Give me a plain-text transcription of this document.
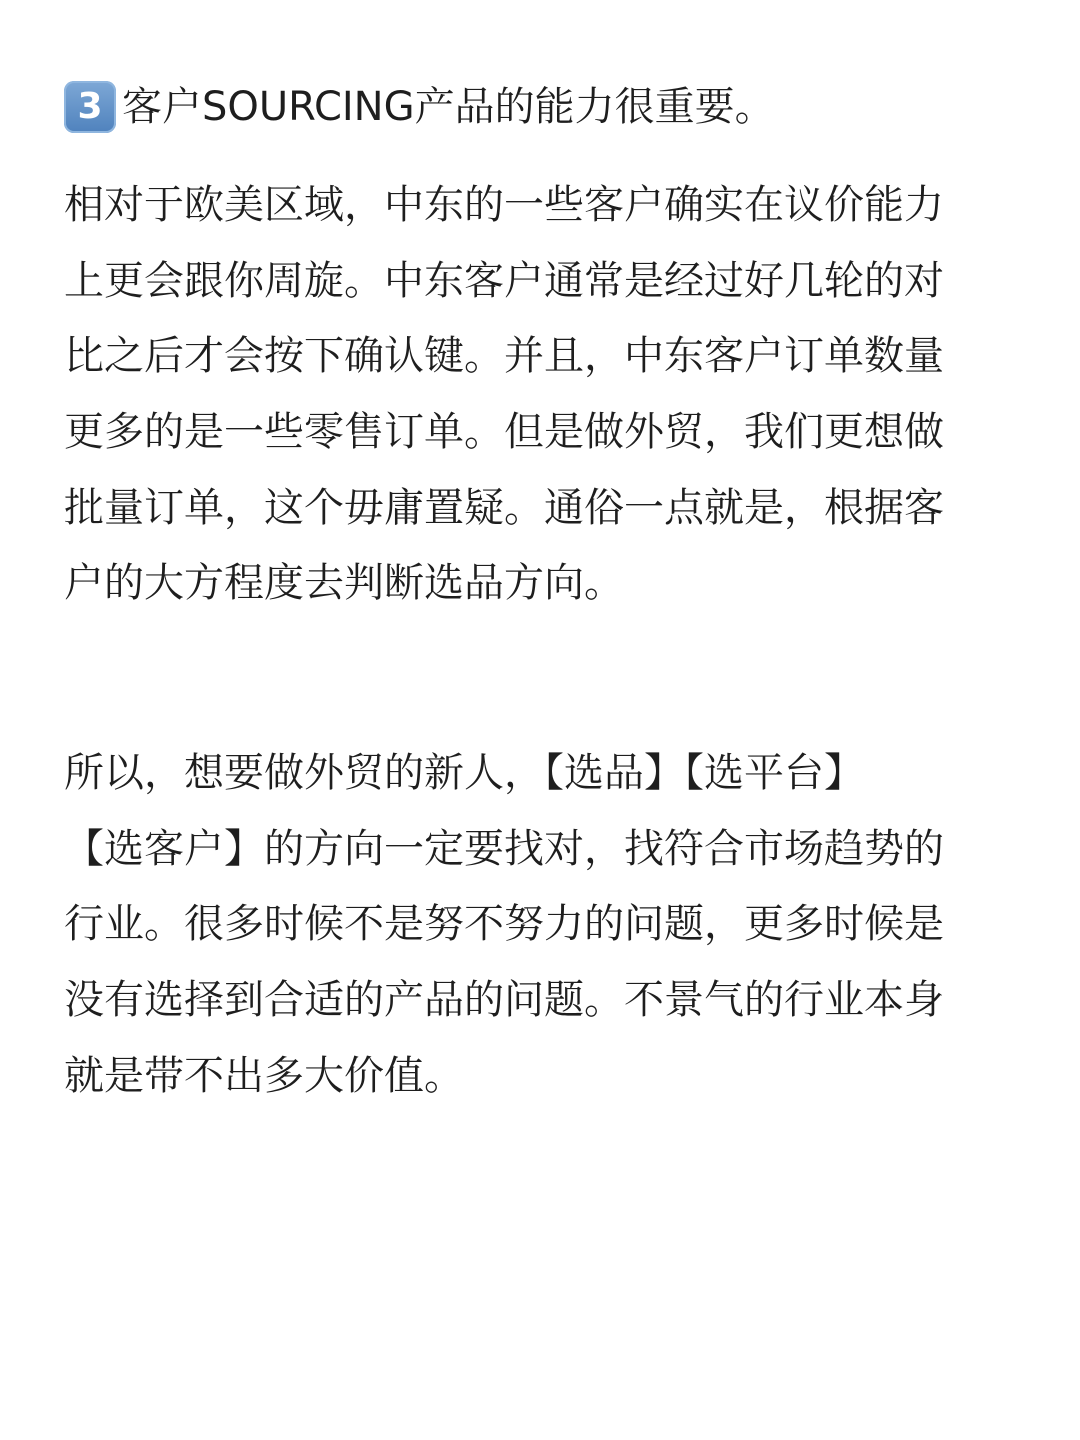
3 客户SOURCING产品的能力很重要。
相对于欧美区域，中东的一些客户确实在议价能力
上更会跟你周旋。中东客户通常是经过好几轮的对
比之后才会按下确认键。并且，中东客户订单数量
更多的是一些零售订单。但是做外贸，我们更想做
批量订单，这个毋庸置疑。通俗一点就是，根据客
户的大方程度去判断选品方向。
所以，想要做外贸的新人，【选品】【选平台】
【选客户】的方向一定要找对，找符合市场趋势的
行业。很多时候不是努不努力的问题，更多时候是
没有选择到合适的产品的问题。不景气的行业本身
就是带不出多大价值。
